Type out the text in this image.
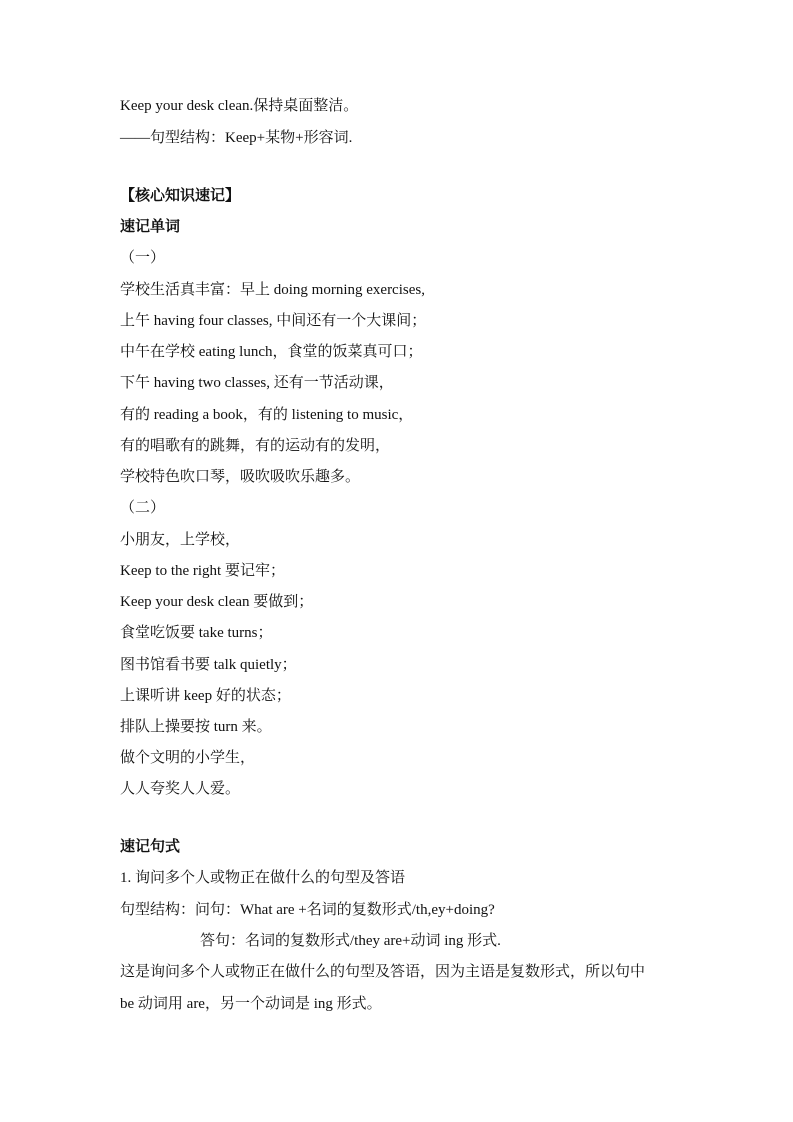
Keep your desk clean.保持桌面整洁。
——句型结构：Keep+某物+形容词.
【核心知识速记】
速记单词
（一）
学校生活真丰富：早上 doing morning exercises,
上午 having four classes, 中间还有一个大课间；
中午在学校 eating lunch，食堂的饭菜真可口；
下午 having two classes, 还有一节活动课，
有的 reading a book，有的 listening to music，
有的唱歌有的跳舞，有的运动有的发明，
学校特色吹口琴，吸吹吸吹乐趣多。
（二）
小朋友，上学校，
Keep to the right 要记牢；
Keep your desk clean 要做到；
食堂吃饭要 take turns；
图书馆看书要 talk quietly；
上课听讲 keep 好的状态；
排队上操要按 turn 来。
做个文明的小学生，
人人夸奖人人爱。
速记句式
1. 询问多个人或物正在做什么的句型及答语
句型结构：问句：What are +名词的复数形式/th,ey+doing?
答句：名词的复数形式/they are+动词 ing 形式.
这是询问多个人或物正在做什么的句型及答语，因为主语是复数形式，所以句中
be 动词用 are，另一个动词是 ing 形式。
